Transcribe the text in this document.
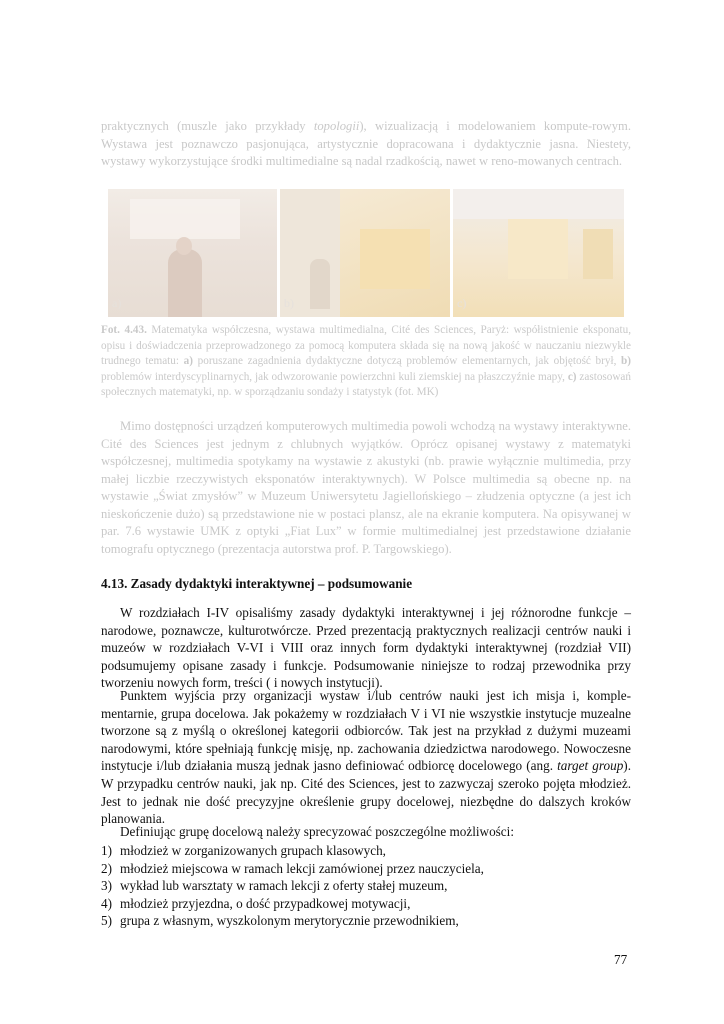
praktycznych (muszle jako przykłady topologii), wizualizacją i modelowaniem kompute-rowym. Wystawa jest poznawczo pasjonująca, artystycznie dopracowana i dydaktycznie jasna. Niestety, wystawy wykorzystujące środki multimedialne są nadal rzadkością, nawet w reno-mowanych centrach.

a)	b)	c)
Fot. 4.43. Matematyka współczesna, wystawa multimedialna, Cité des Sciences, Paryż: współistnienie eksponatu, opisu i doświadczenia przeprowadzonego za pomocą komputera składa się na nową jakość w nauczaniu niezwykle trudnego tematu: a) poruszane zagadnienia dydaktyczne dotyczą problemów elementarnych, jak objętość brył, b) problemów interdyscyplinarnych, jak odwzorowanie powierzchni kuli ziemskiej na płaszczyźnie mapy, c) zastosowań społecznych matematyki, np. w sporządzaniu sondaży i statystyk (fot. MK)

Mimo dostępności urządzeń komputerowych multimedia powoli wchodzą na wystawy interaktywne. Cité des Sciences jest jednym z chlubnych wyjątków. Oprócz opisanej wystawy z matematyki współczesnej, multimedia spotykamy na wystawie z akustyki (nb. prawie wyłącznie multimedia, przy małej liczbie rzeczywistych eksponatów interaktywnych). W Polsce multimedia są obecne np. na wystawie „Świat zmysłów” w Muzeum Uniwersytetu Jagiellońskiego – złudzenia optyczne (a jest ich nieskończenie dużo) są przedstawione nie w postaci plansz, ale na ekranie komputera. Na opisywanej w par. 7.6 wystawie UMK z optyki „Fiat Lux” w formie multimedialnej jest przedstawione działanie tomografu optycznego (prezentacja autorstwa prof. P. Targowskiego).

4.13. Zasady dydaktyki interaktywnej – podsumowanie

W rozdziałach I-IV opisaliśmy zasady dydaktyki interaktywnej i jej różnorodne funkcje – narodowe, poznawcze, kulturotwórcze. Przed prezentacją praktycznych realizacji centrów nauki i muzeów w rozdziałach V-VI i VIII oraz innych form dydaktyki interaktywnej (rozdział VII) podsumujemy opisane zasady i funkcje. Podsumowanie niniejsze to rodzaj przewodnika przy tworzeniu nowych form, treści ( i nowych instytucji).

Punktem wyjścia przy organizacji wystaw i/lub centrów nauki jest ich misja i, komple-mentarnie, grupa docelowa. Jak pokażemy w rozdziałach V i VI nie wszystkie instytucje muzealne tworzone są z myślą o określonej kategorii odbiorców. Tak jest na przykład z dużymi muzeami narodowymi, które spełniają funkcję misję, np. zachowania dziedzictwa narodowego. Nowoczesne instytucje i/lub działania muszą jednak jasno definiować odbiorcę docelowego (ang. target group). W przypadku centrów nauki, jak np. Cité des Sciences, jest to zazwyczaj szeroko pojęta młodzież. Jest to jednak nie dość precyzyjne określenie grupy docelowej, niezbędne do dalszych kroków planowania.

Definiując grupę docelową należy sprecyzować poszczególne możliwości:

1) młodzież w zorganizowanych grupach klasowych,
2) młodzież miejscowa w ramach lekcji zamówionej przez nauczyciela,
3) wykład lub warsztaty w ramach lekcji z oferty stałej muzeum,
4) młodzież przyjezdna, o dość przypadkowej motywacji,
5) grupa z własnym, wyszkolonym merytorycznie przewodnikiem,
77
